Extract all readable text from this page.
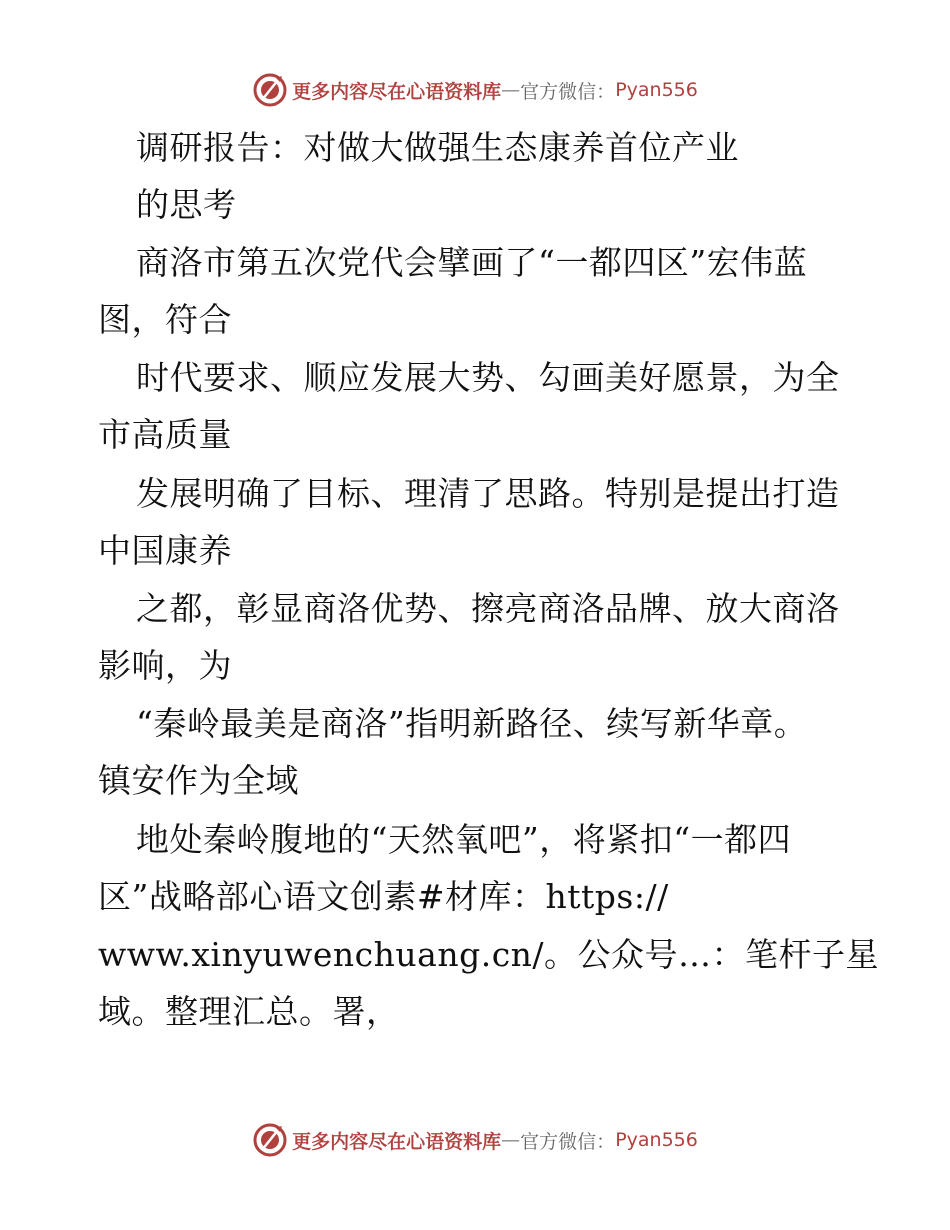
更多内容尽在心语资料库 — 官方微信： Pyan556
调研报告：对做大做强生态康养首位产业
的思考
商洛市第五次党代会擘画了“一都四区”宏伟蓝
图，符合
时代要求、顺应发展大势、勾画美好愿景，为全
市高质量
发展明确了目标、理清了思路。特别是提出打造
中国康养
之都，彰显商洛优势、擦亮商洛品牌、放大商洛
影响，为
“秦岭最美是商洛”指明新路径、续写新华章。
镇安作为全域
地处秦岭腹地的“天然氧吧”，将紧扣“一都四
区”战略部心语文创素#材库：https://
www.xinyuwenchuang.cn/。公众号…：笔杆子星
域。整理汇总。署，
更多内容尽在心语资料库 — 官方微信： Pyan556
